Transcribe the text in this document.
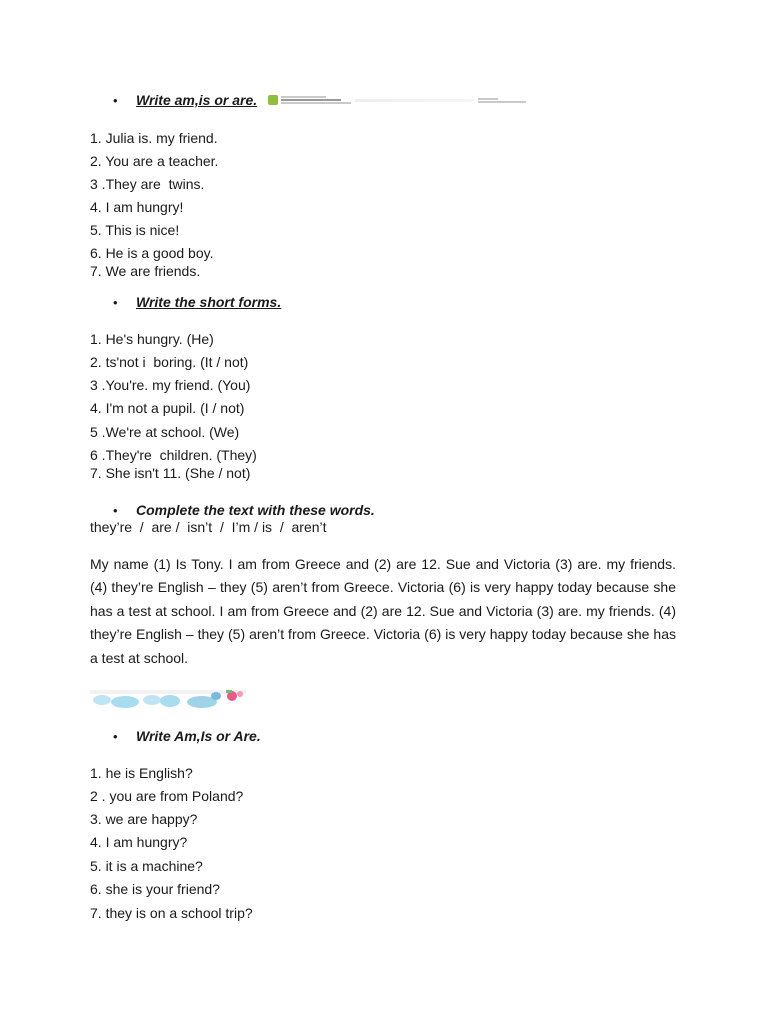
• Write am,is or are.
1. Julia is. my friend.
2. You are a teacher.
3 .They are  twins.
4. I am hungry!
5. This is nice!
6. He is a good boy.
7. We are friends.
• Write the short forms.
1. He's hungry. (He)
2. ts'not i  boring. (It / not)
3 .You're. my friend. (You)
4. I'm not a pupil. (I / not)
5 .We're at school. (We)
6 .They're  children. (They)
7. She isn't 11. (She / not)
• Complete the text with these words.
they’re  /  are /  isn’t  /  I’m / is  /  aren’t
My name (1) Is Tony. I am from Greece and (2) are 12. Sue and Victoria (3) are. my friends. (4) they’re English – they (5) aren’t from Greece. Victoria (6) is very happy today because she has a test at school. I am from Greece and (2) are 12. Sue and Victoria (3) are. my friends. (4) they’re English – they (5) aren’t from Greece. Victoria (6) is very happy today because she has a test at school.
• Write Am,Is or Are.
1. he is English?
2 . you are from Poland?
3. we are happy?
4. I am hungry?
5. it is a machine?
6. she is your friend?
7. they is on a school trip?
